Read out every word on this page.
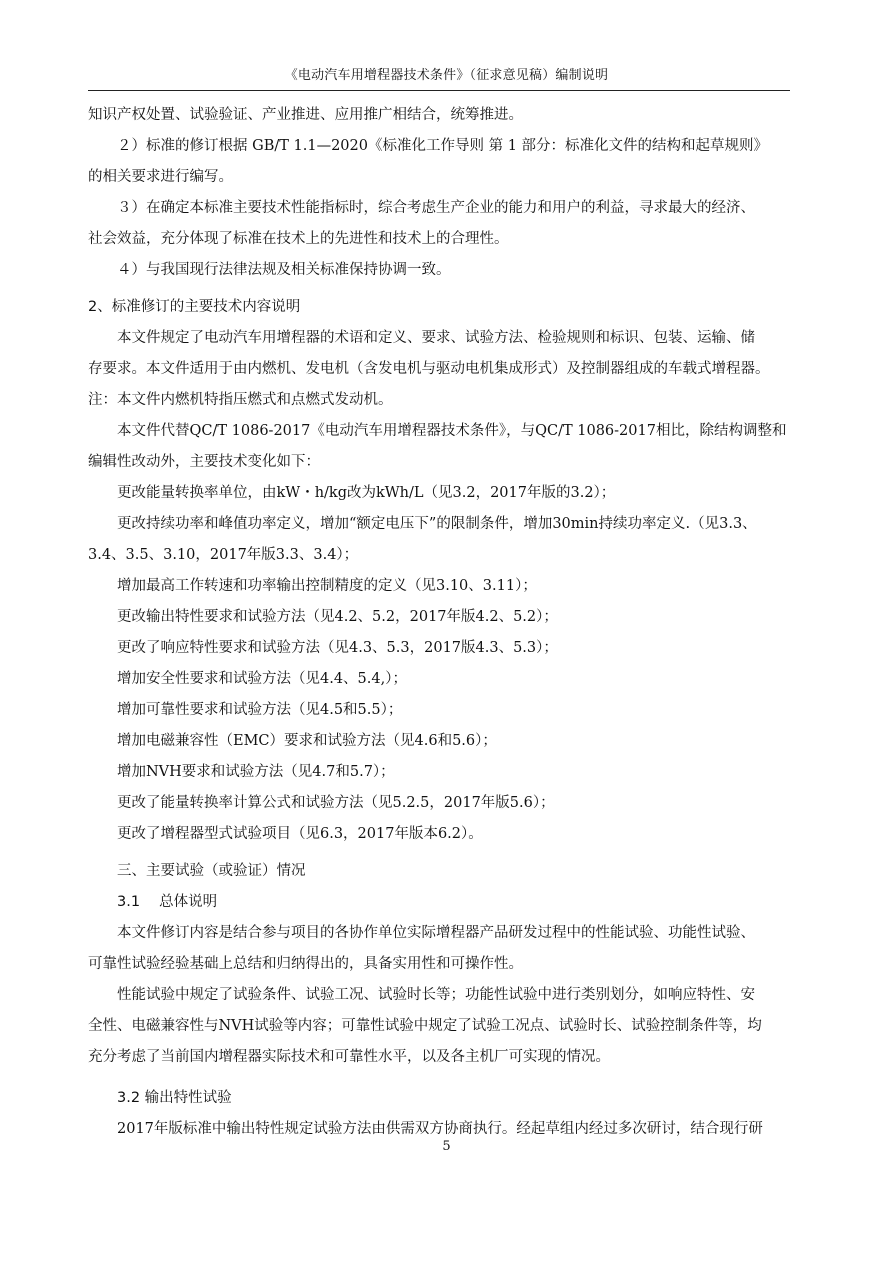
《电动汽车用增程器技术条件》（征求意见稿）编制说明

知识产权处置、试验验证、产业推进、应用推广相结合，统筹推进。

２）标准的修订根据 GB/T 1.1—2020《标准化工作导则 第 1 部分：标准化文件的结构和起草规则》

的相关要求进行编写。

３）在确定本标准主要技术性能指标时，综合考虑生产企业的能力和用户的利益，寻求最大的经济、

社会效益，充分体现了标准在技术上的先进性和技术上的合理性。

４）与我国现行法律法规及相关标准保持协调一致。

2、标准修订的主要技术内容说明

本文件规定了电动汽车用增程器的术语和定义、要求、试验方法、检验规则和标识、包装、运输、储

存要求。本文件适用于由内燃机、发电机（含发电机与驱动电机集成形式）及控制器组成的车载式增程器。

注：本文件内燃机特指压燃式和点燃式发动机。

本文件代替QC/T 1086-2017《电动汽车用增程器技术条件》，与QC/T 1086-2017相比，除结构调整和

编辑性改动外，主要技术变化如下：

更改能量转换率单位，由kW・h/kg改为kWh/L（见3.2，2017年版的3.2）；

更改持续功率和峰值功率定义，增加“额定电压下”的限制条件，增加30min持续功率定义.（见3.3、

3.4、3.5、3.10，2017年版3.3、3.4）；

增加最高工作转速和功率输出控制精度的定义（见3.10、3.11）；

更改输出特性要求和试验方法（见4.2、5.2，2017年版4.2、5.2）；

更改了响应特性要求和试验方法（见4.3、5.3，2017版4.3、5.3）；

增加安全性要求和试验方法（见4.4、5.4,）；

增加可靠性要求和试验方法（见4.5和5.5）；

增加电磁兼容性（EMC）要求和试验方法（见4.6和5.6）；

增加NVH要求和试验方法（见4.7和5.7）；

更改了能量转换率计算公式和试验方法（见5.2.5，2017年版5.6）；

更改了增程器型式试验项目（见6.3，2017年版本6.2）。

三、主要试验（或验证）情况

3.1　 总体说明

本文件修订内容是结合参与项目的各协作单位实际增程器产品研发过程中的性能试验、功能性试验、

可靠性试验经验基础上总结和归纳得出的，具备实用性和可操作性。

性能试验中规定了试验条件、试验工况、试验时长等；功能性试验中进行类别划分，如响应特性、安

全性、电磁兼容性与NVH试验等内容；可靠性试验中规定了试验工况点、试验时长、试验控制条件等，均

充分考虑了当前国内增程器实际技术和可靠性水平，以及各主机厂可实现的情况。

3.2 输出特性试验

2017年版标准中输出特性规定试验方法由供需双方协商执行。经起草组内经过多次研讨，结合现行研

5
